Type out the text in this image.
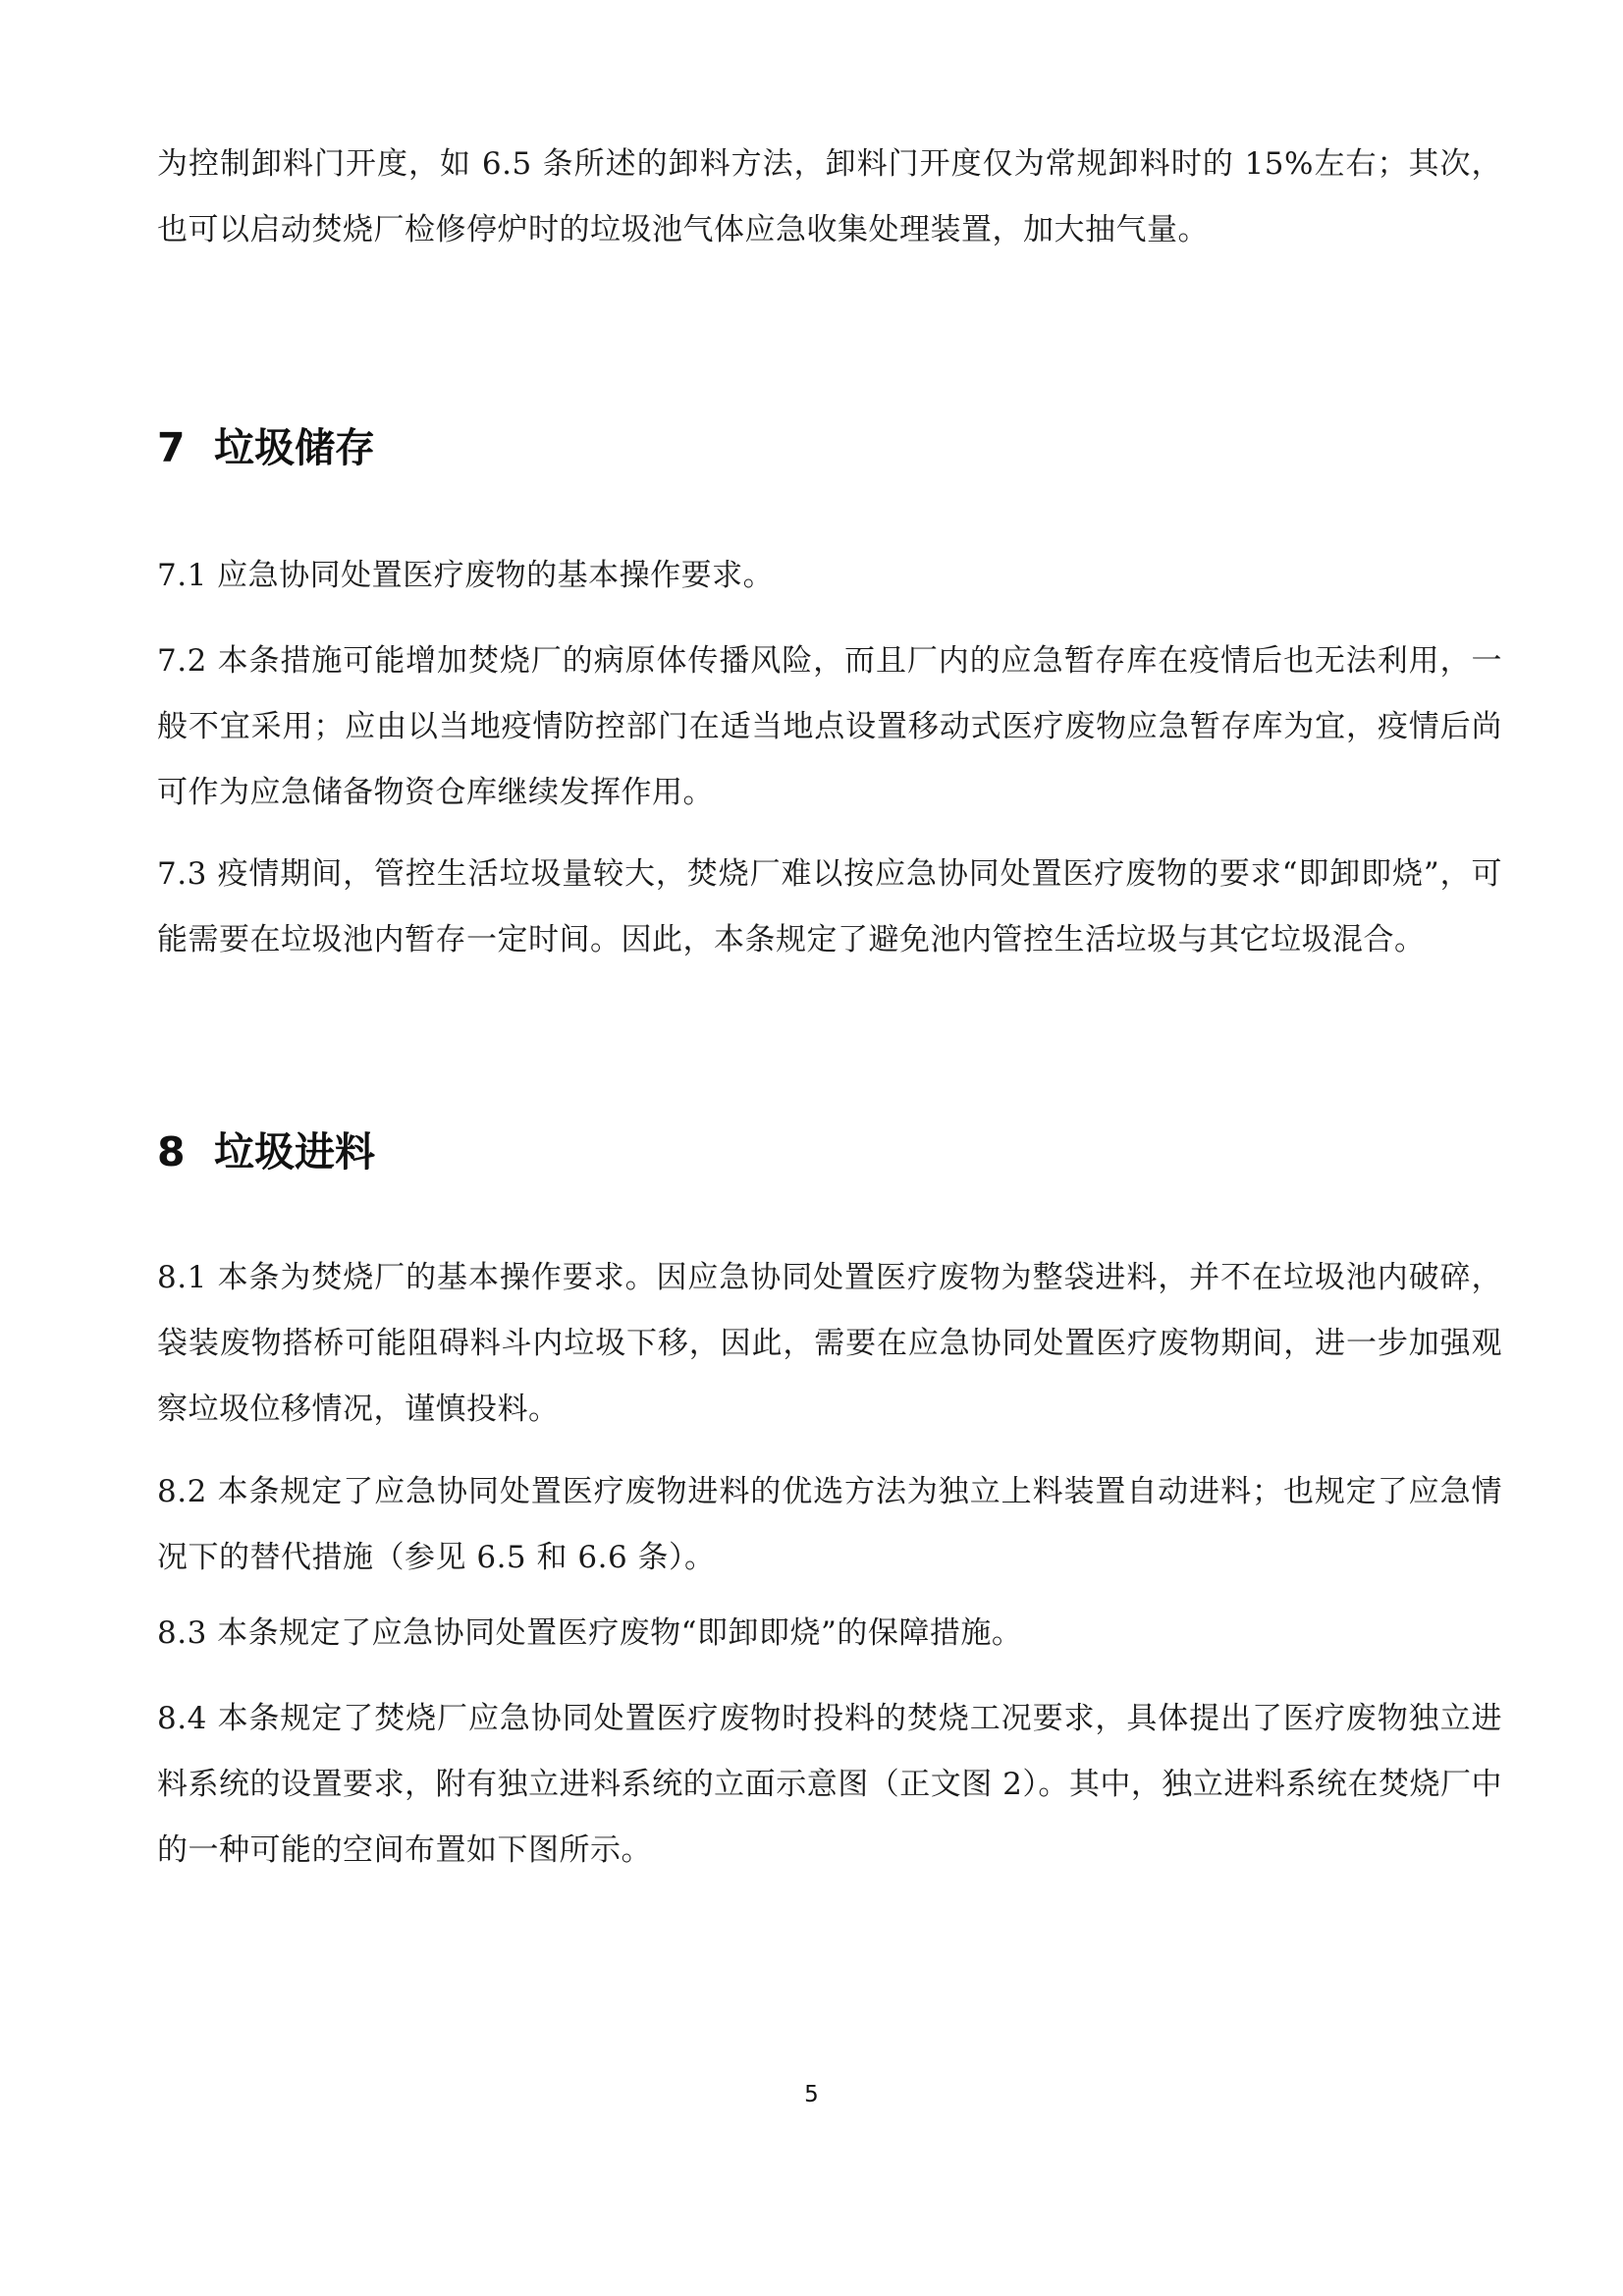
为控制卸料门开度，如 6.5 条所述的卸料方法，卸料门开度仅为常规卸料时的 15%左右；其次，也可以启动焚烧厂检修停炉时的垃圾池气体应急收集处理装置，加大抽气量。

7 垃圾储存

7.1 应急协同处置医疗废物的基本操作要求。

7.2 本条措施可能增加焚烧厂的病原体传播风险，而且厂内的应急暂存库在疫情后也无法利用，一般不宜采用；应由以当地疫情防控部门在适当地点设置移动式医疗废物应急暂存库为宜，疫情后尚可作为应急储备物资仓库继续发挥作用。

7.3 疫情期间，管控生活垃圾量较大，焚烧厂难以按应急协同处置医疗废物的要求“即卸即烧”，可能需要在垃圾池内暂存一定时间。因此，本条规定了避免池内管控生活垃圾与其它垃圾混合。

8 垃圾进料

8.1 本条为焚烧厂的基本操作要求。因应急协同处置医疗废物为整袋进料，并不在垃圾池内破碎，袋装废物搭桥可能阻碍料斗内垃圾下移，因此，需要在应急协同处置医疗废物期间，进一步加强观察垃圾位移情况，谨慎投料。

8.2 本条规定了应急协同处置医疗废物进料的优选方法为独立上料装置自动进料；也规定了应急情况下的替代措施（参见 6.5 和 6.6 条）。

8.3 本条规定了应急协同处置医疗废物“即卸即烧”的保障措施。

8.4 本条规定了焚烧厂应急协同处置医疗废物时投料的焚烧工况要求，具体提出了医疗废物独立进料系统的设置要求，附有独立进料系统的立面示意图（正文图 2）。其中，独立进料系统在焚烧厂中的一种可能的空间布置如下图所示。

5
